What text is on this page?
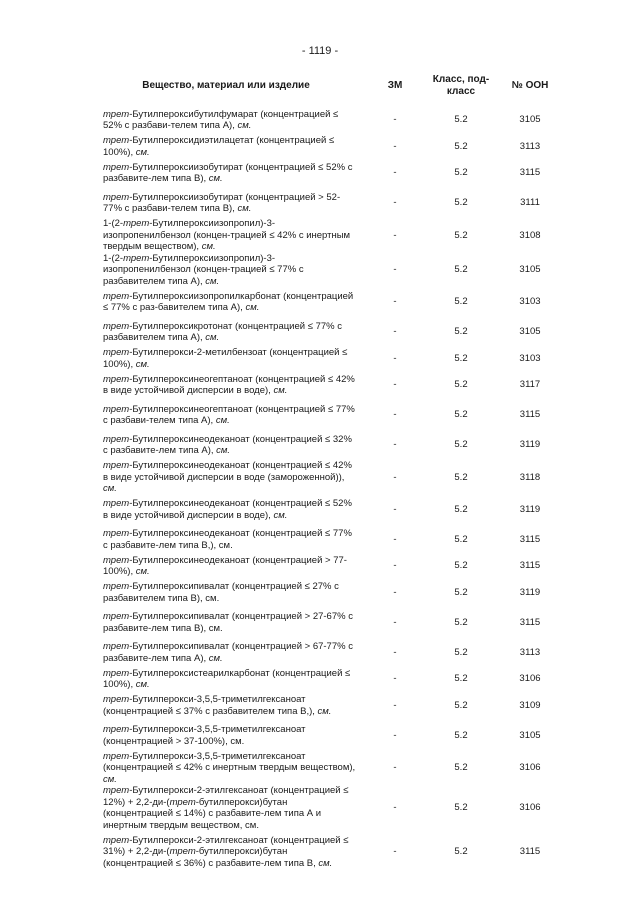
- 1119 -
Вещество, материал или изделие	ЗМ	Класс, под-класс	№ ООН
трет-Бутилпероксибутилфумарат (концентрацией ≤ 52% с разбави-телем типа А), см.	-	5.2	3105
трет-Бутилпероксидиэтилацетат (концентрацией ≤ 100%), см.	-	5.2	3113
трет-Бутилпероксиизобутират (концентрацией ≤ 52% с разбавите-лем типа В), см.	-	5.2	3115
трет-Бутилпероксиизобутират (концентрацией > 52-77% с разбави-телем типа В), см.	-	5.2	3111
1-(2-трет-Бутилпероксиизопропил)-3-изопропенилбензол (концен-трацией ≤ 42% с инертным твердым веществом), см.	-	5.2	3108
1-(2-трет-Бутилпероксиизопропил)-3-изопропенилбензол (концен-трацией ≤ 77% с разбавителем типа А), см.	-	5.2	3105
трет-Бутилпероксиизопропилкарбонат (концентрацией ≤ 77% с раз-бавителем типа А), см.	-	5.2	3103
трет-Бутилпероксикротонат (концентрацией ≤ 77% с разбавителем типа А), см.	-	5.2	3105
трет-Бутилперокси-2-метилбензоат (концентрацией ≤ 100%), см.	-	5.2	3103
трет-Бутилпероксинеогептаноат (концентрацией ≤ 42% в виде устойчивой дисперсии в воде), см.	-	5.2	3117
трет-Бутилпероксинеогептаноат (концентрацией ≤ 77% с разбави-телем типа А), см.	-	5.2	3115
трет-Бутилпероксинеодеканоат (концентрацией ≤ 32% с разбавите-лем типа А), см.	-	5.2	3119
трет-Бутилпероксинеодеканоат (концентрацией ≤ 42% в виде устойчивой дисперсии в воде (замороженной)), см.	-	5.2	3118
трет-Бутилпероксинеодеканоат (концентрацией ≤ 52% в виде устойчивой дисперсии в воде), см.	-	5.2	3119
трет-Бутилпероксинеодеканоат (концентрацией ≤ 77% с разбавите-лем типа В,), см.	-	5.2	3115
трет-Бутилпероксинеодеканоат (концентрацией > 77-100%), см.	-	5.2	3115
трет-Бутилпероксипивалат (концентрацией ≤ 27% с разбавителем типа В), см.	-	5.2	3119
трет-Бутилпероксипивалат (концентрацией > 27-67% с разбавите-лем типа В), см.	-	5.2	3115
трет-Бутилпероксипивалат (концентрацией > 67-77% с разбавите-лем типа А), см.	-	5.2	3113
трет-Бутилпероксистеарилкарбонат (концентрацией ≤ 100%), см.	-	5.2	3106
трет-Бутилперокси-3,5,5-триметилгексаноат (концентрацией ≤ 37% с разбавителем типа В,), см.	-	5.2	3109
трет-Бутилперокси-3,5,5-триметилгексаноат (концентрацией > 37-100%), см.	-	5.2	3105
трет-Бутилперокси-3,5,5-триметилгексаноат (концентрацией ≤ 42% с инертным твердым веществом), см.	-	5.2	3106
трет-Бутилперокси-2-этилгексаноат (концентрацией ≤ 12%) + 2,2-ди-(трет-бутилперокси)бутан (концентрацией ≤ 14%) с разбавите-лем типа А и инертным твердым веществом, см.	-	5.2	3106
трет-Бутилперокси-2-этилгексаноат (концентрацией ≤ 31%) + 2,2-ди-(трет-бутилперокси)бутан (концентрацией ≤ 36%) с разбавите-лем типа В, см.	-	5.2	3115
